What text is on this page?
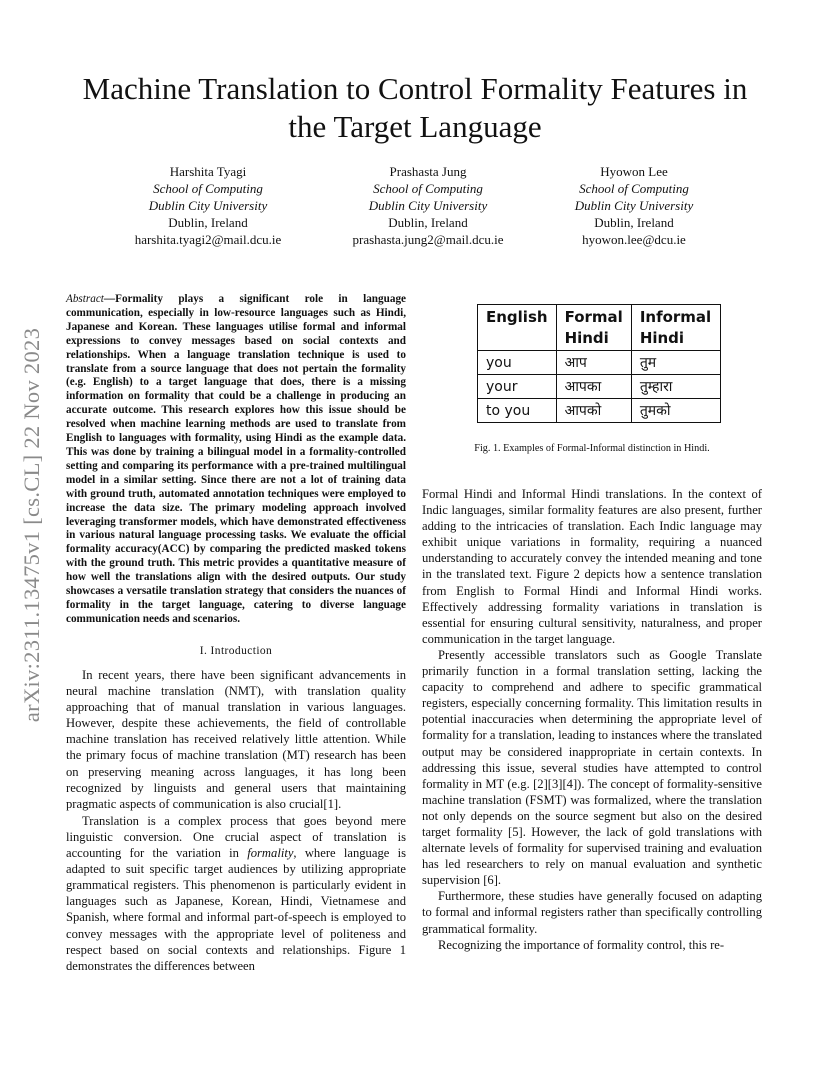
arXiv:2311.13475v1 [cs.CL] 22 Nov 2023
Machine Translation to Control Formality Features in the Target Language
Harshita Tyagi
School of Computing
Dublin City University
Dublin, Ireland
harshita.tyagi2@mail.dcu.ie
Prashasta Jung
School of Computing
Dublin City University
Dublin, Ireland
prashasta.jung2@mail.dcu.ie
Hyowon Lee
School of Computing
Dublin City University
Dublin, Ireland
hyowon.lee@dcu.ie

Abstract—Formality plays a significant role in language communication, especially in low-resource languages such as Hindi, Japanese and Korean. These languages utilise formal and informal expressions to convey messages based on social contexts and relationships. When a language translation technique is used to translate from a source language that does not pertain the formality (e.g. English) to a target language that does, there is a missing information on formality that could be a challenge in producing an accurate outcome. This research explores how this issue should be resolved when machine learning methods are used to translate from English to languages with formality, using Hindi as the example data. This was done by training a bilingual model in a formality-controlled setting and comparing its performance with a pre-trained multilingual model in a similar setting. Since there are not a lot of training data with ground truth, automated annotation techniques were employed to increase the data size. The primary modeling approach involved leveraging transformer models, which have demonstrated effectiveness in various natural language processing tasks. We evaluate the official formality accuracy(ACC) by comparing the predicted masked tokens with the ground truth. This metric provides a quantitative measure of how well the translations align with the desired outputs. Our study showcases a versatile translation strategy that considers the nuances of formality in the target language, catering to diverse language communication needs and scenarios.

I. Introduction

In recent years, there have been significant advancements in neural machine translation (NMT), with translation quality approaching that of manual translation in various languages. However, despite these achievements, the field of controllable machine translation has received relatively little attention. While the primary focus of machine translation (MT) research has been on preserving meaning across languages, it has long been recognized by linguists and general users that maintaining pragmatic aspects of communication is also crucial[1].

Translation is a complex process that goes beyond mere linguistic conversion. One crucial aspect of translation is accounting for the variation in formality, where language is adapted to suit specific target audiences by utilizing appropriate grammatical registers. This phenomenon is particularly evident in languages such as Japanese, Korean, Hindi, Vietnamese and Spanish, where formal and informal part-of-speech is employed to convey messages with the appropriate level of politeness and respect based on social contexts and relationships. Figure 1 demonstrates the differences between

English	Formal Hindi	Informal Hindi
you	आप	तुम
your	आपका	तुम्हारा
to you	आपको	तुमको
Fig. 1. Examples of Formal-Informal distinction in Hindi.

Formal Hindi and Informal Hindi translations. In the context of Indic languages, similar formality features are also present, further adding to the intricacies of translation. Each Indic language may exhibit unique variations in formality, requiring a nuanced understanding to accurately convey the intended meaning and tone in the translated text. Figure 2 depicts how a sentence translation from English to Formal Hindi and Informal Hindi works. Effectively addressing formality variations in translation is essential for ensuring cultural sensitivity, naturalness, and proper communication in the target language.

Presently accessible translators such as Google Translate primarily function in a formal translation setting, lacking the capacity to comprehend and adhere to specific grammatical registers, especially concerning formality. This limitation results in potential inaccuracies when determining the appropriate level of formality for a translation, leading to instances where the translated output may be considered inappropriate in certain contexts. In addressing this issue, several studies have attempted to control formality in MT (e.g. [2][3][4]). The concept of formality-sensitive machine translation (FSMT) was formalized, where the translation not only depends on the source segment but also on the desired target formality [5]. However, the lack of gold translations with alternate levels of formality for supervised training and evaluation has led researchers to rely on manual evaluation and synthetic supervision [6].

Furthermore, these studies have generally focused on adapting to formal and informal registers rather than specifically controlling grammatical formality.

Recognizing the importance of formality control, this re-
